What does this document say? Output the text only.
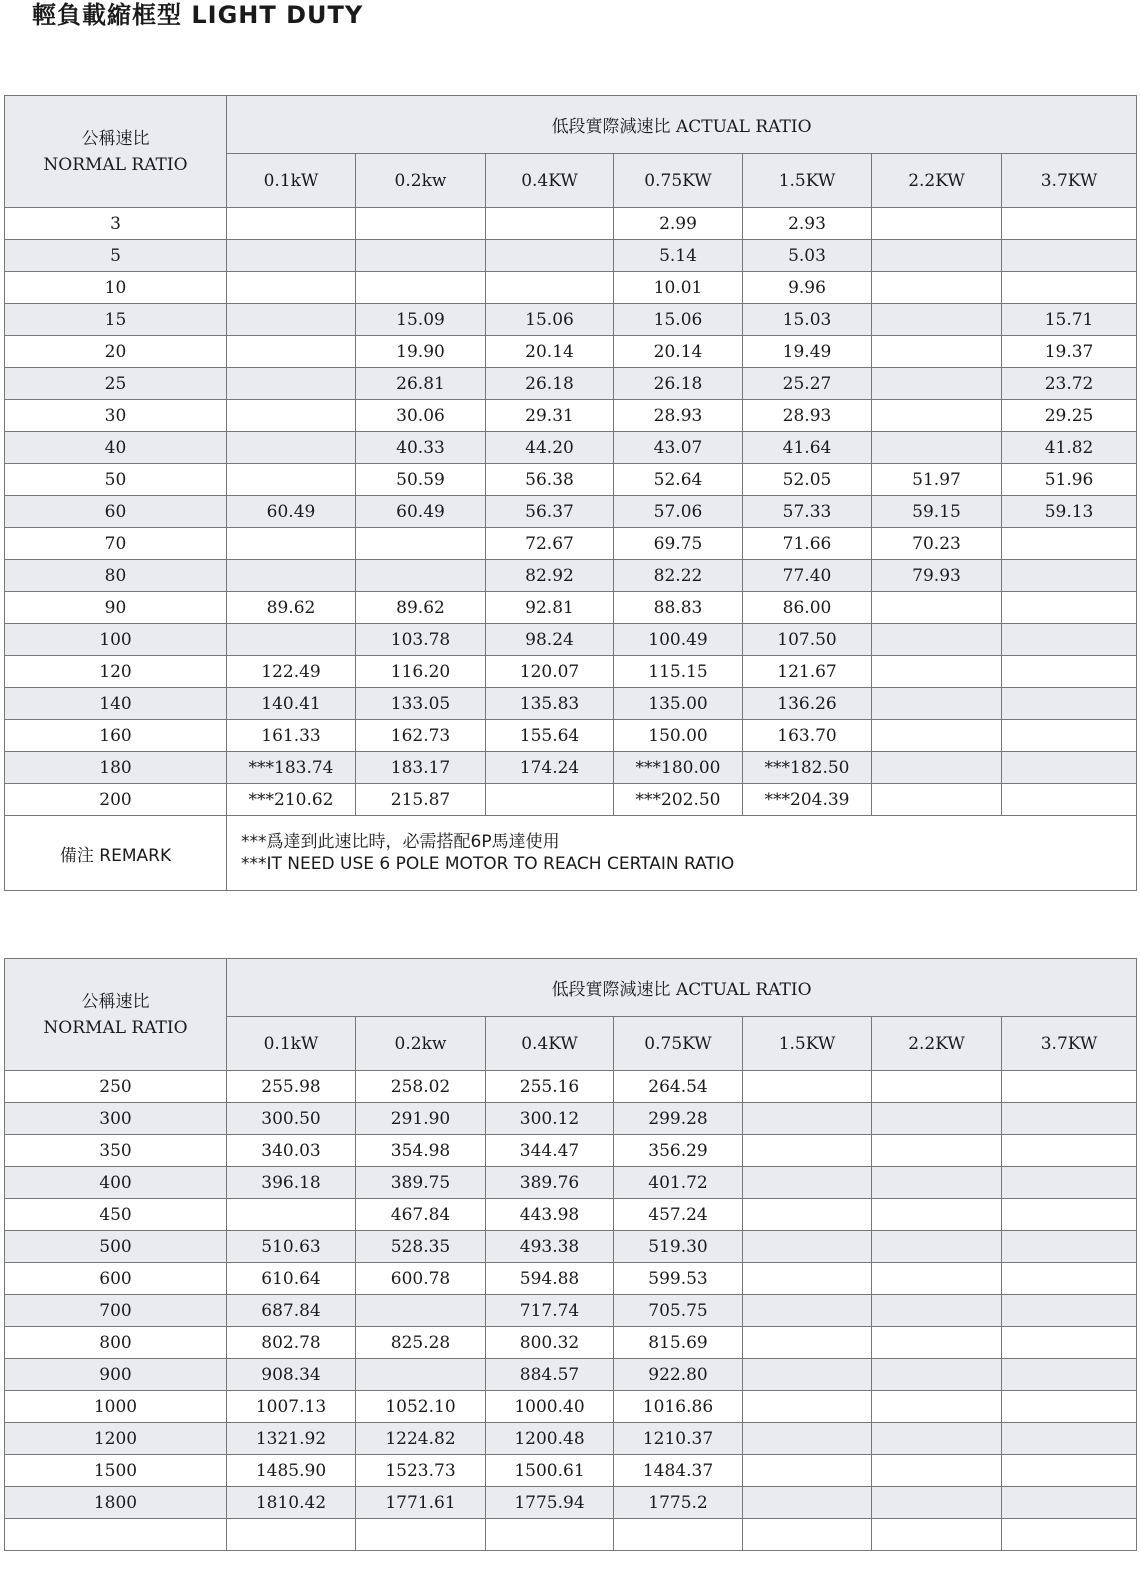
輕負載縮框型 LIGHT DUTY
公稱速比
NORMAL RATIO	低段實際減速比 ACTUAL RATIO						
	0.1kW	0.2kw	0.4KW	0.75KW	1.5KW	2.2KW	3.7KW
3				2.99	2.93		
5				5.14	5.03		
10				10.01	9.96		
15		15.09	15.06	15.06	15.03		15.71
20		19.90	20.14	20.14	19.49		19.37
25		26.81	26.18	26.18	25.27		23.72
30		30.06	29.31	28.93	28.93		29.25
40		40.33	44.20	43.07	41.64		41.82
50		50.59	56.38	52.64	52.05	51.97	51.96
60	60.49	60.49	56.37	57.06	57.33	59.15	59.13
70			72.67	69.75	71.66	70.23	
80			82.92	82.22	77.40	79.93	
90	89.62	89.62	92.81	88.83	86.00		
100		103.78	98.24	100.49	107.50		
120	122.49	116.20	120.07	115.15	121.67		
140	140.41	133.05	135.83	135.00	136.26		
160	161.33	162.73	155.64	150.00	163.70		
180	***183.74	183.17	174.24	***180.00	***182.50		
200	***210.62	215.87		***202.50	***204.39		
備注 REMARK	***爲達到此速比時，必需搭配6P馬達使用
***IT NEED USE 6 POLE MOTOR TO REACH CERTAIN RATIO						
公稱速比
NORMAL RATIO	低段實際減速比 ACTUAL RATIO						
	0.1kW	0.2kw	0.4KW	0.75KW	1.5KW	2.2KW	3.7KW
250	255.98	258.02	255.16	264.54			
300	300.50	291.90	300.12	299.28			
350	340.03	354.98	344.47	356.29			
400	396.18	389.75	389.76	401.72			
450		467.84	443.98	457.24			
500	510.63	528.35	493.38	519.30			
600	610.64	600.78	594.88	599.53			
700	687.84		717.74	705.75			
800	802.78	825.28	800.32	815.69			
900	908.34		884.57	922.80			
1000	1007.13	1052.10	1000.40	1016.86			
1200	1321.92	1224.82	1200.48	1210.37			
1500	1485.90	1523.73	1500.61	1484.37			
1800	1810.42	1771.61	1775.94	1775.2			
